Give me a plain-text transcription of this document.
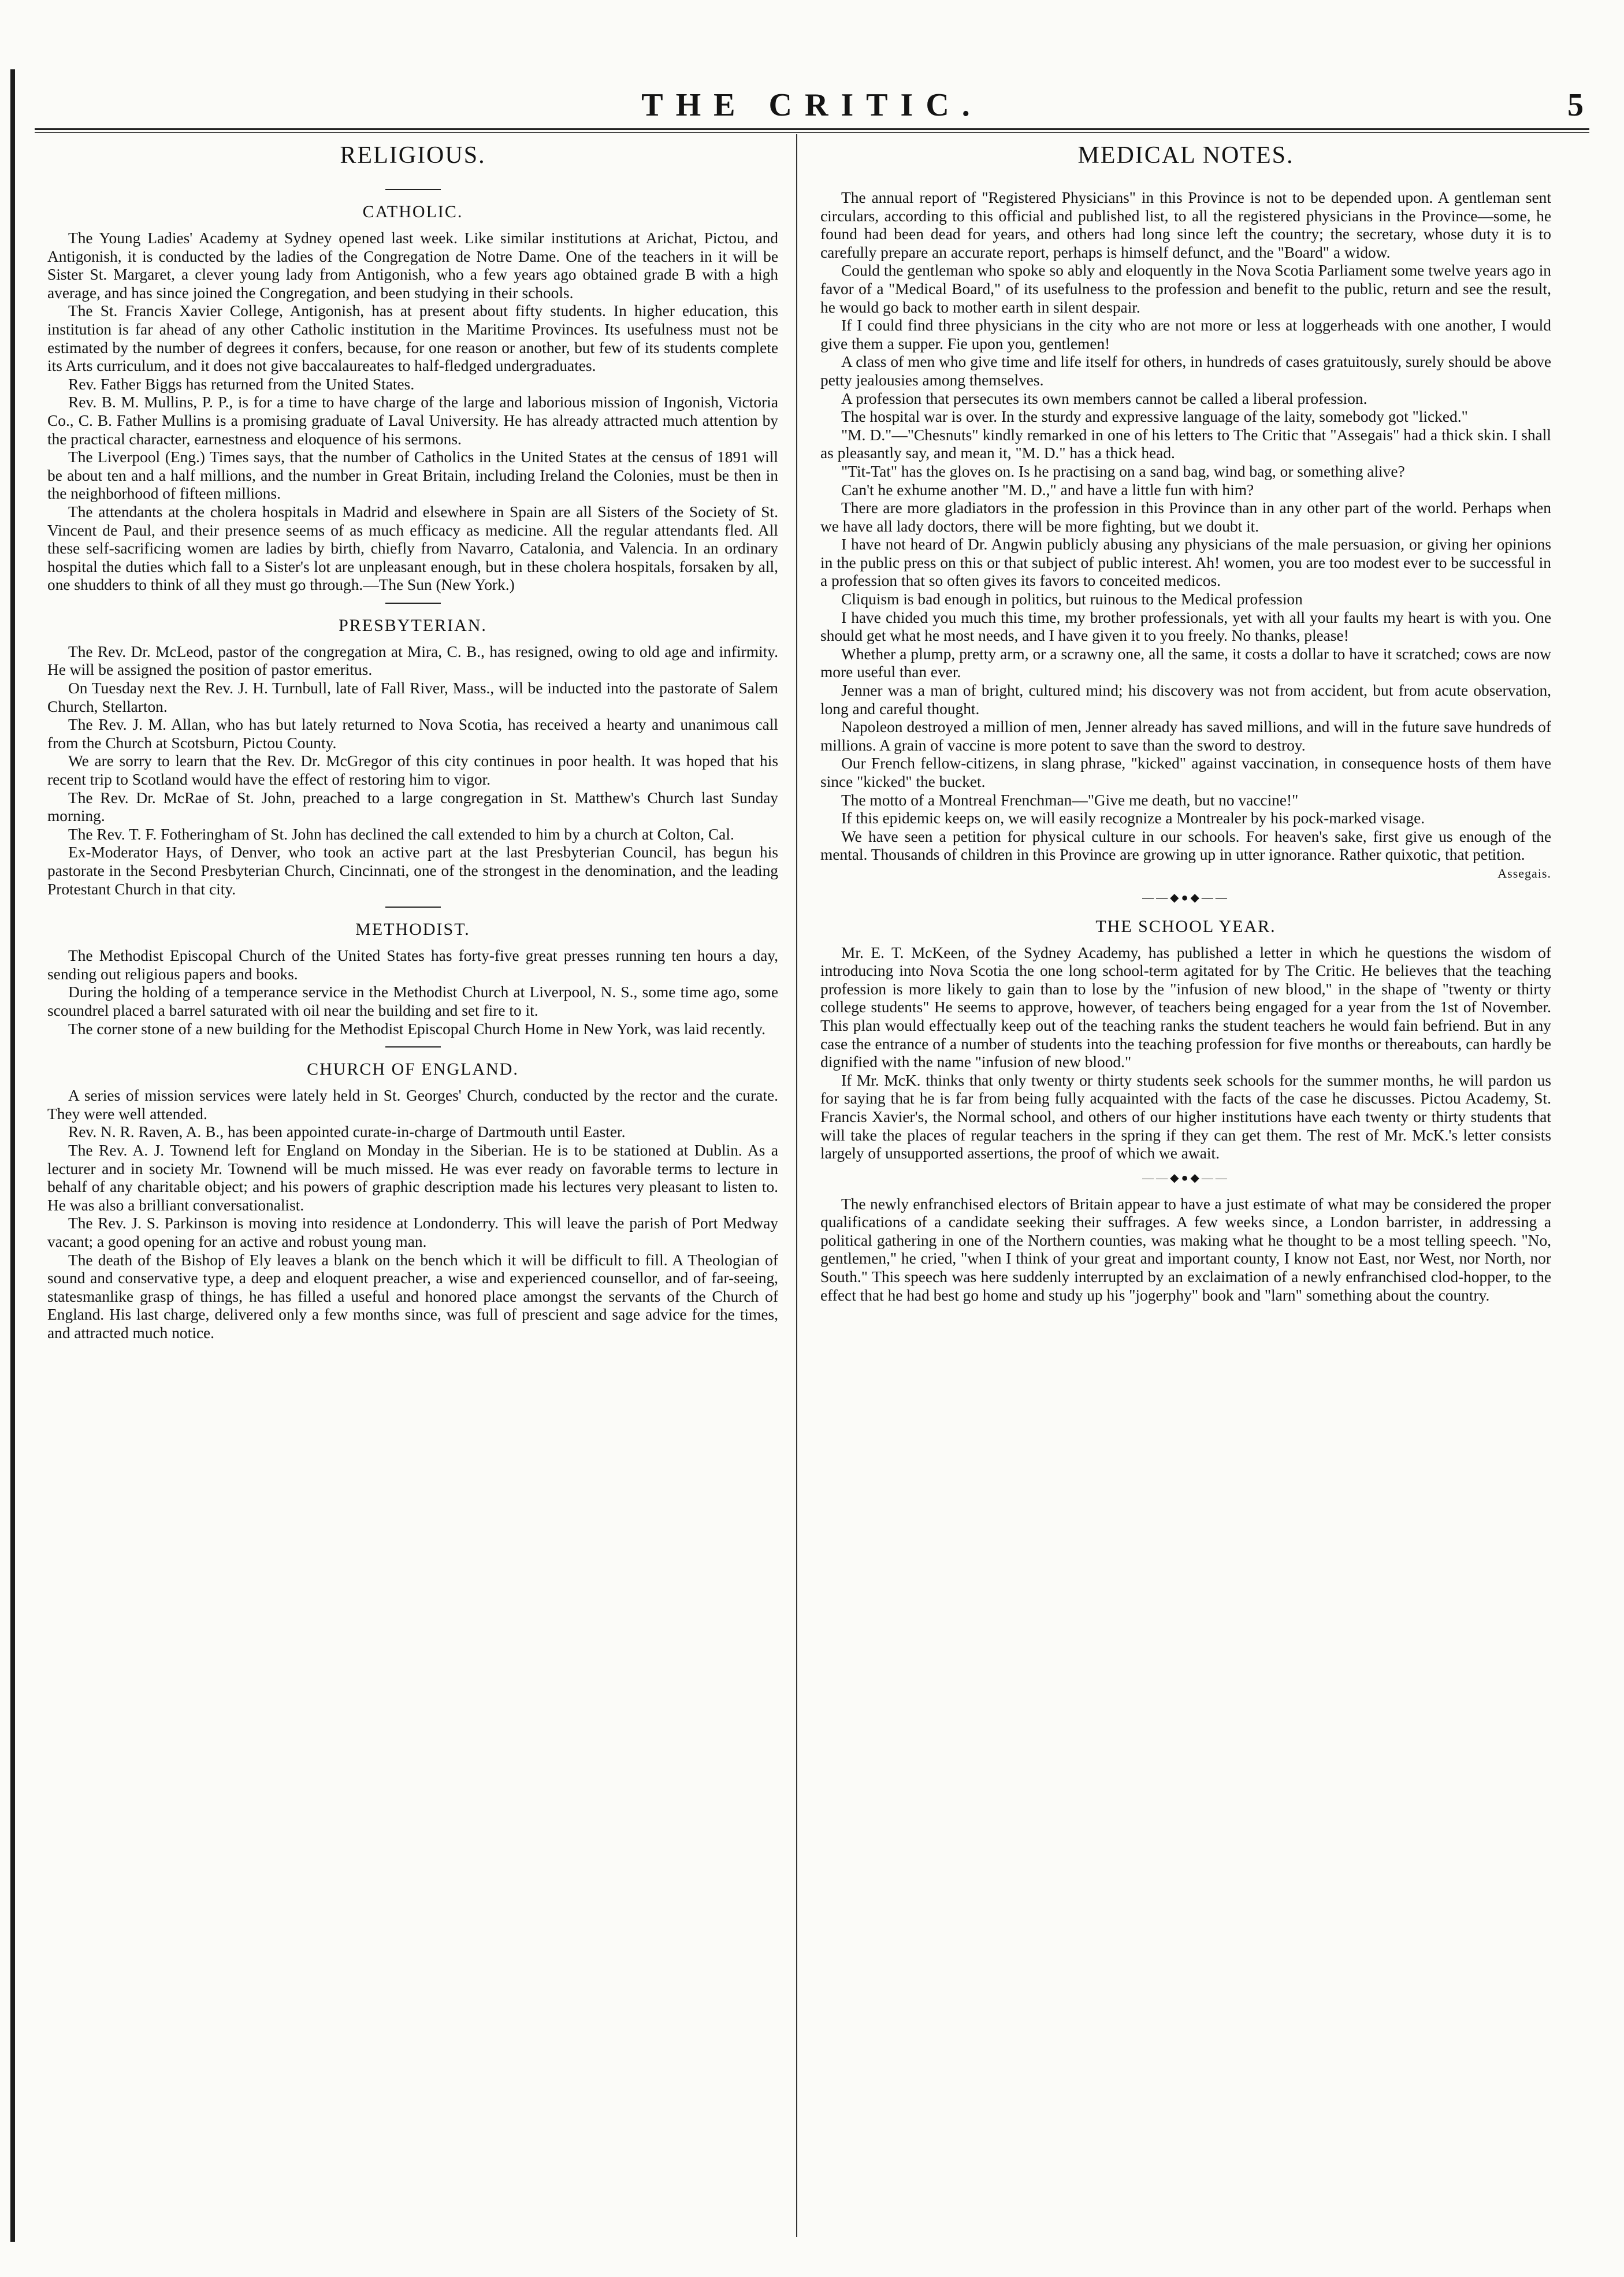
THE CRITIC.	5
RELIGIOUS.
CATHOLIC.

The Young Ladies' Academy at Sydney opened last week. Like similar institutions at Arichat, Pictou, and Antigonish, it is conducted by the ladies of the Congregation de Notre Dame. One of the teachers in it will be Sister St. Margaret, a clever young lady from Antigonish, who a few years ago obtained grade B with a high average, and has since joined the Congregation, and been studying in their schools.

The St. Francis Xavier College, Antigonish, has at present about fifty students. In higher education, this institution is far ahead of any other Catholic institution in the Maritime Provinces. Its usefulness must not be estimated by the number of degrees it confers, because, for one reason or another, but few of its students complete its Arts curriculum, and it does not give baccalaureates to half-fledged undergraduates.

Rev. Father Biggs has returned from the United States.

Rev. B. M. Mullins, P. P., is for a time to have charge of the large and laborious mission of Ingonish, Victoria Co., C. B. Father Mullins is a promising graduate of Laval University. He has already attracted much attention by the practical character, earnestness and eloquence of his sermons.

The Liverpool (Eng.) Times says, that the number of Catholics in the United States at the census of 1891 will be about ten and a half millions, and the number in Great Britain, including Ireland the Colonies, must be then in the neighborhood of fifteen millions.

The attendants at the cholera hospitals in Madrid and elsewhere in Spain are all Sisters of the Society of St. Vincent de Paul, and their presence seems of as much efficacy as medicine. All the regular attendants fled. All these self-sacrificing women are ladies by birth, chiefly from Navarro, Catalonia, and Valencia. In an ordinary hospital the duties which fall to a Sister's lot are unpleasant enough, but in these cholera hospitals, forsaken by all, one shudders to think of all they must go through.—The Sun (New York.)

PRESBYTERIAN.

The Rev. Dr. McLeod, pastor of the congregation at Mira, C. B., has resigned, owing to old age and infirmity. He will be assigned the position of pastor emeritus.

On Tuesday next the Rev. J. H. Turnbull, late of Fall River, Mass., will be inducted into the pastorate of Salem Church, Stellarton.

The Rev. J. M. Allan, who has but lately returned to Nova Scotia, has received a hearty and unanimous call from the Church at Scotsburn, Pictou County.

We are sorry to learn that the Rev. Dr. McGregor of this city continues in poor health. It was hoped that his recent trip to Scotland would have the effect of restoring him to vigor.

The Rev. Dr. McRae of St. John, preached to a large congregation in St. Matthew's Church last Sunday morning.

The Rev. T. F. Fotheringham of St. John has declined the call extended to him by a church at Colton, Cal.

Ex-Moderator Hays, of Denver, who took an active part at the last Presbyterian Council, has begun his pastorate in the Second Presbyterian Church, Cincinnati, one of the strongest in the denomination, and the leading Protestant Church in that city.

METHODIST.

The Methodist Episcopal Church of the United States has forty-five great presses running ten hours a day, sending out religious papers and books.

During the holding of a temperance service in the Methodist Church at Liverpool, N. S., some time ago, some scoundrel placed a barrel saturated with oil near the building and set fire to it.

The corner stone of a new building for the Methodist Episcopal Church Home in New York, was laid recently.

CHURCH OF ENGLAND.

A series of mission services were lately held in St. Georges' Church, conducted by the rector and the curate. They were well attended.

Rev. N. R. Raven, A. B., has been appointed curate-in-charge of Dartmouth until Easter.

The Rev. A. J. Townend left for England on Monday in the Siberian. He is to be stationed at Dublin. As a lecturer and in society Mr. Townend will be much missed. He was ever ready on favorable terms to lecture in behalf of any charitable object; and his powers of graphic description made his lectures very pleasant to listen to. He was also a brilliant conversationalist.

The Rev. J. S. Parkinson is moving into residence at Londonderry. This will leave the parish of Port Medway vacant; a good opening for an active and robust young man.

The death of the Bishop of Ely leaves a blank on the bench which it will be difficult to fill. A Theologian of sound and conservative type, a deep and eloquent preacher, a wise and experienced counsellor, and of far-seeing, statesmanlike grasp of things, he has filled a useful and honored place amongst the servants of the Church of England. His last charge, delivered only a few months since, was full of prescient and sage advice for the times, and attracted much notice.

MEDICAL NOTES.

The annual report of "Registered Physicians" in this Province is not to be depended upon. A gentleman sent circulars, according to this official and published list, to all the registered physicians in the Province—some, he found had been dead for years, and others had long since left the country; the secretary, whose duty it is to carefully prepare an accurate report, perhaps is himself defunct, and the "Board" a widow.

Could the gentleman who spoke so ably and eloquently in the Nova Scotia Parliament some twelve years ago in favor of a "Medical Board," of its usefulness to the profession and benefit to the public, return and see the result, he would go back to mother earth in silent despair.

If I could find three physicians in the city who are not more or less at loggerheads with one another, I would give them a supper. Fie upon you, gentlemen!

A class of men who give time and life itself for others, in hundreds of cases gratuitously, surely should be above petty jealousies among themselves.

A profession that persecutes its own members cannot be called a liberal profession.

The hospital war is over. In the sturdy and expressive language of the laity, somebody got "licked."

"M. D."—"Chesnuts" kindly remarked in one of his letters to The Critic that "Assegais" had a thick skin. I shall as pleasantly say, and mean it, "M. D." has a thick head.

"Tit-Tat" has the gloves on. Is he practising on a sand bag, wind bag, or something alive?

Can't he exhume another "M. D.," and have a little fun with him?

There are more gladiators in the profession in this Province than in any other part of the world. Perhaps when we have all lady doctors, there will be more fighting, but we doubt it.

I have not heard of Dr. Angwin publicly abusing any physicians of the male persuasion, or giving her opinions in the public press on this or that subject of public interest. Ah! women, you are too modest ever to be successful in a profession that so often gives its favors to conceited medicos.

Cliquism is bad enough in politics, but ruinous to the Medical profession

I have chided you much this time, my brother professionals, yet with all your faults my heart is with you. One should get what he most needs, and I have given it to you freely. No thanks, please!

Whether a plump, pretty arm, or a scrawny one, all the same, it costs a dollar to have it scratched; cows are now more useful than ever.

Jenner was a man of bright, cultured mind; his discovery was not from accident, but from acute observation, long and careful thought.

Napoleon destroyed a million of men, Jenner already has saved millions, and will in the future save hundreds of millions. A grain of vaccine is more potent to save than the sword to destroy.

Our French fellow-citizens, in slang phrase, "kicked" against vaccination, in consequence hosts of them have since "kicked" the bucket.

The motto of a Montreal Frenchman—"Give me death, but no vaccine!"

If this epidemic keeps on, we will easily recognize a Montrealer by his pock-marked visage.

We have seen a petition for physical culture in our schools. For heaven's sake, first give us enough of the mental. Thousands of children in this Province are growing up in utter ignorance. Rather quixotic, that petition.

Assegais.

——◆●◆——
THE SCHOOL YEAR.

Mr. E. T. McKeen, of the Sydney Academy, has published a letter in which he questions the wisdom of introducing into Nova Scotia the one long school-term agitated for by The Critic. He believes that the teaching profession is more likely to gain than to lose by the "infusion of new blood," in the shape of "twenty or thirty college students" He seems to approve, however, of teachers being engaged for a year from the 1st of November. This plan would effectually keep out of the teaching ranks the student teachers he would fain befriend. But in any case the entrance of a number of students into the teaching profession for five months or thereabouts, can hardly be dignified with the name "infusion of new blood."

If Mr. McK. thinks that only twenty or thirty students seek schools for the summer months, he will pardon us for saying that he is far from being fully acquainted with the facts of the case he discusses. Pictou Academy, St. Francis Xavier's, the Normal school, and others of our higher institutions have each twenty or thirty students that will take the places of regular teachers in the spring if they can get them. The rest of Mr. McK.'s letter consists largely of unsupported assertions, the proof of which we await.

——◆●◆——

The newly enfranchised electors of Britain appear to have a just estimate of what may be considered the proper qualifications of a candidate seeking their suffrages. A few weeks since, a London barrister, in addressing a political gathering in one of the Northern counties, was making what he thought to be a most telling speech. "No, gentlemen," he cried, "when I think of your great and important county, I know not East, nor West, nor North, nor South." This speech was here suddenly interrupted by an exclaimation of a newly enfranchised clod-hopper, to the effect that he had best go home and study up his "jogerphy" book and "larn" something about the country.
